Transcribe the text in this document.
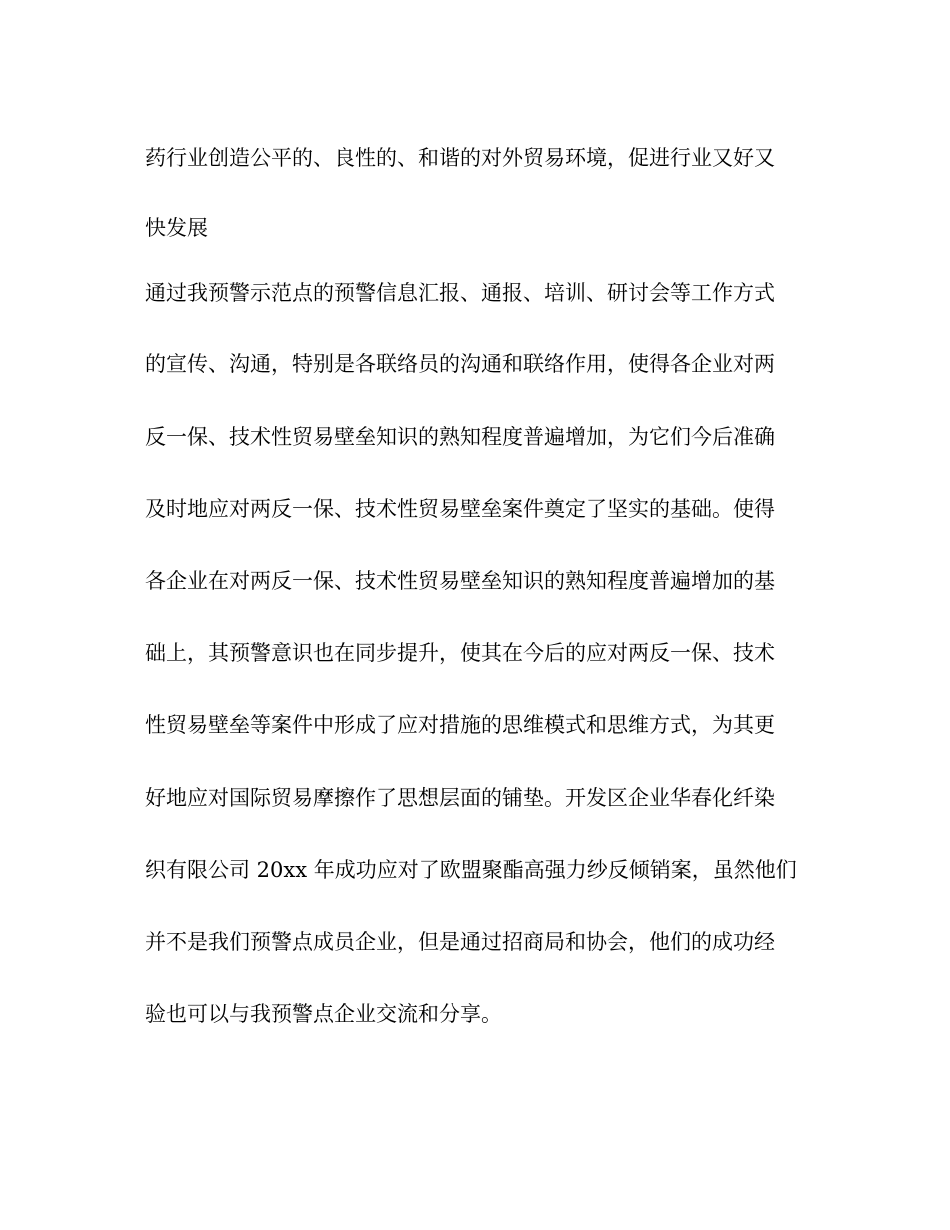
药行业创造公平的、良性的、和谐的对外贸易环境，促进行业又好又
快发展
通过我预警示范点的预警信息汇报、通报、培训、研讨会等工作方式
的宣传、沟通，特别是各联络员的沟通和联络作用，使得各企业对两
反一保、技术性贸易壁垒知识的熟知程度普遍增加，为它们今后准确
及时地应对两反一保、技术性贸易壁垒案件奠定了坚实的基础。使得
各企业在对两反一保、技术性贸易壁垒知识的熟知程度普遍增加的基
础上，其预警意识也在同步提升，使其在今后的应对两反一保、技术
性贸易壁垒等案件中形成了应对措施的思维模式和思维方式，为其更
好地应对国际贸易摩擦作了思想层面的铺垫。开发区企业华春化纤染
织有限公司 20xx 年成功应对了欧盟聚酯高强力纱反倾销案，虽然他们
并不是我们预警点成员企业，但是通过招商局和协会，他们的成功经
验也可以与我预警点企业交流和分享。
